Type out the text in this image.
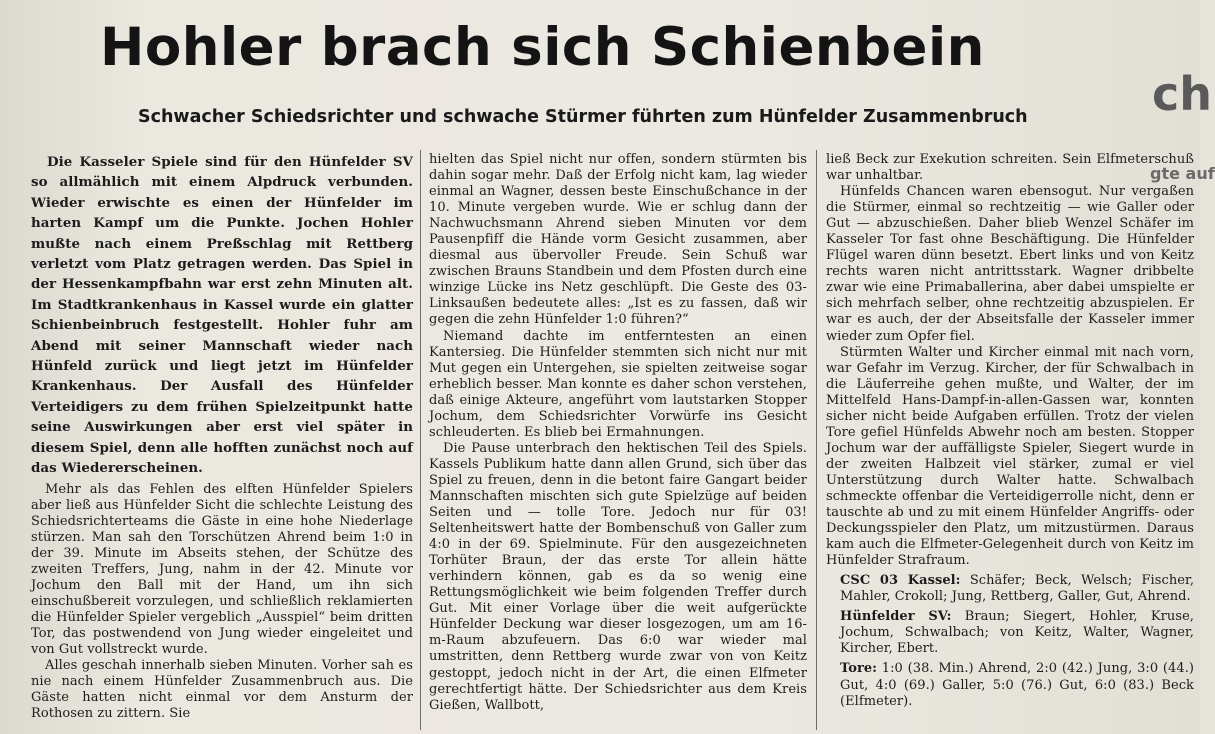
Hohler brach sich Schienbein
Schwacher Schiedsrichter und schwache Stürmer führten zum Hünfelder Zusammenbruch	ch
gte auf

Die Kasseler Spiele sind für den Hünfelder SV so allmählich mit einem Alpdruck verbunden. Wieder erwischte es einen der Hünfelder im harten Kampf um die Punkte. Jochen Hohler mußte nach einem Preßschlag mit Rettberg verletzt vom Platz getragen werden. Das Spiel in der Hessenkampfbahn war erst zehn Minuten alt. Im Stadtkrankenhaus in Kassel wurde ein glatter Schienbeinbruch festgestellt. Hohler fuhr am Abend mit seiner Mannschaft wieder nach Hünfeld zurück und liegt jetzt im Hünfelder Krankenhaus. Der Ausfall des Hünfelder Verteidigers zu dem frühen Spielzeitpunkt hatte seine Auswirkungen aber erst viel später in diesem Spiel, denn alle hofften zunächst noch auf das Wiedererscheinen.

Mehr als das Fehlen des elften Hünfelder Spielers aber ließ aus Hünfelder Sicht die schlechte Leistung des Schiedsrichterteams die Gäste in eine hohe Niederlage stürzen. Man sah den Torschützen Ahrend beim 1:0 in der 39. Minute im Abseits stehen, der Schütze des zweiten Treffers, Jung, nahm in der 42. Minute vor Jochum den Ball mit der Hand, um ihn sich einschußbereit vorzulegen, und schließlich reklamierten die Hünfelder Spieler vergeblich „Ausspiel“ beim dritten Tor, das postwendend von Jung wieder eingeleitet und von Gut vollstreckt wurde.

Alles geschah innerhalb sieben Minuten. Vorher sah es nie nach einem Hünfelder Zusammenbruch aus. Die Gäste hatten nicht einmal vor dem Ansturm der Rothosen zu zittern. Sie

hielten das Spiel nicht nur offen, sondern stürmten bis dahin sogar mehr. Daß der Erfolg nicht kam, lag wieder einmal an Wagner, dessen beste Einschußchance in der 10. Minute vergeben wurde. Wie er schlug dann der Nachwuchsmann Ahrend sieben Minuten vor dem Pausenpfiff die Hände vorm Gesicht zusammen, aber diesmal aus übervoller Freude. Sein Schuß war zwischen Brauns Standbein und dem Pfosten durch eine winzige Lücke ins Netz geschlüpft. Die Geste des 03-Linksaußen bedeutete alles: „Ist es zu fassen, daß wir gegen die zehn Hünfelder 1:0 führen?“

Niemand dachte im entferntesten an einen Kantersieg. Die Hünfelder stemmten sich nicht nur mit Mut gegen ein Untergehen, sie spielten zeitweise sogar erheblich besser. Man konnte es daher schon verstehen, daß einige Akteure, angeführt vom lautstarken Stopper Jochum, dem Schiedsrichter Vorwürfe ins Gesicht schleuderten. Es blieb bei Ermahnungen.

Die Pause unterbrach den hektischen Teil des Spiels. Kassels Publikum hatte dann allen Grund, sich über das Spiel zu freuen, denn in die betont faire Gangart beider Mannschaften mischten sich gute Spielzüge auf beiden Seiten und — tolle Tore. Jedoch nur für 03! Seltenheitswert hatte der Bombenschuß von Galler zum 4:0 in der 69. Spielminute. Für den ausgezeichneten Torhüter Braun, der das erste Tor allein hätte verhindern können, gab es da so wenig eine Rettungsmöglichkeit wie beim folgenden Treffer durch Gut. Mit einer Vorlage über die weit aufgerückte Hünfelder Deckung war dieser losgezogen, um am 16-m-Raum abzufeuern. Das 6:0 war wieder mal umstritten, denn Rettberg wurde zwar von von Keitz gestoppt, jedoch nicht in der Art, die einen Elfmeter gerechtfertigt hätte. Der Schiedsrichter aus dem Kreis Gießen, Wallbott,

ließ Beck zur Exekution schreiten. Sein Elfmeterschuß war unhaltbar.

Hünfelds Chancen waren ebensogut. Nur vergaßen die Stürmer, einmal so rechtzeitig — wie Galler oder Gut — abzuschießen. Daher blieb Wenzel Schäfer im Kasseler Tor fast ohne Beschäftigung. Die Hünfelder Flügel waren dünn besetzt. Ebert links und von Keitz rechts waren nicht antrittsstark. Wagner dribbelte zwar wie eine Primaballerina, aber dabei umspielte er sich mehrfach selber, ohne rechtzeitig abzuspielen. Er war es auch, der der Abseitsfalle der Kasseler immer wieder zum Opfer fiel.

Stürmten Walter und Kircher einmal mit nach vorn, war Gefahr im Verzug. Kircher, der für Schwalbach in die Läuferreihe gehen mußte, und Walter, der im Mittelfeld Hans-Dampf-in-allen-Gassen war, konnten sicher nicht beide Aufgaben erfüllen. Trotz der vielen Tore gefiel Hünfelds Abwehr noch am besten. Stopper Jochum war der auffälligste Spieler, Siegert wurde in der zweiten Halbzeit viel stärker, zumal er viel Unterstützung durch Walter hatte. Schwalbach schmeckte offenbar die Verteidigerrolle nicht, denn er tauschte ab und zu mit einem Hünfelder Angriffs- oder Deckungsspieler den Platz, um mitzustürmen. Daraus kam auch die Elfmeter-Gelegenheit durch von Keitz im Hünfelder Strafraum.

CSC 03 Kassel: Schäfer; Beck, Welsch; Fischer, Mahler, Crokoll; Jung, Rettberg, Galler, Gut, Ahrend.

Hünfelder SV: Braun; Siegert, Hohler, Kruse, Jochum, Schwalbach; von Keitz, Walter, Wagner, Kircher, Ebert.

Tore: 1:0 (38. Min.) Ahrend, 2:0 (42.) Jung, 3:0 (44.) Gut, 4:0 (69.) Galler, 5:0 (76.) Gut, 6:0 (83.) Beck (Elfmeter).
